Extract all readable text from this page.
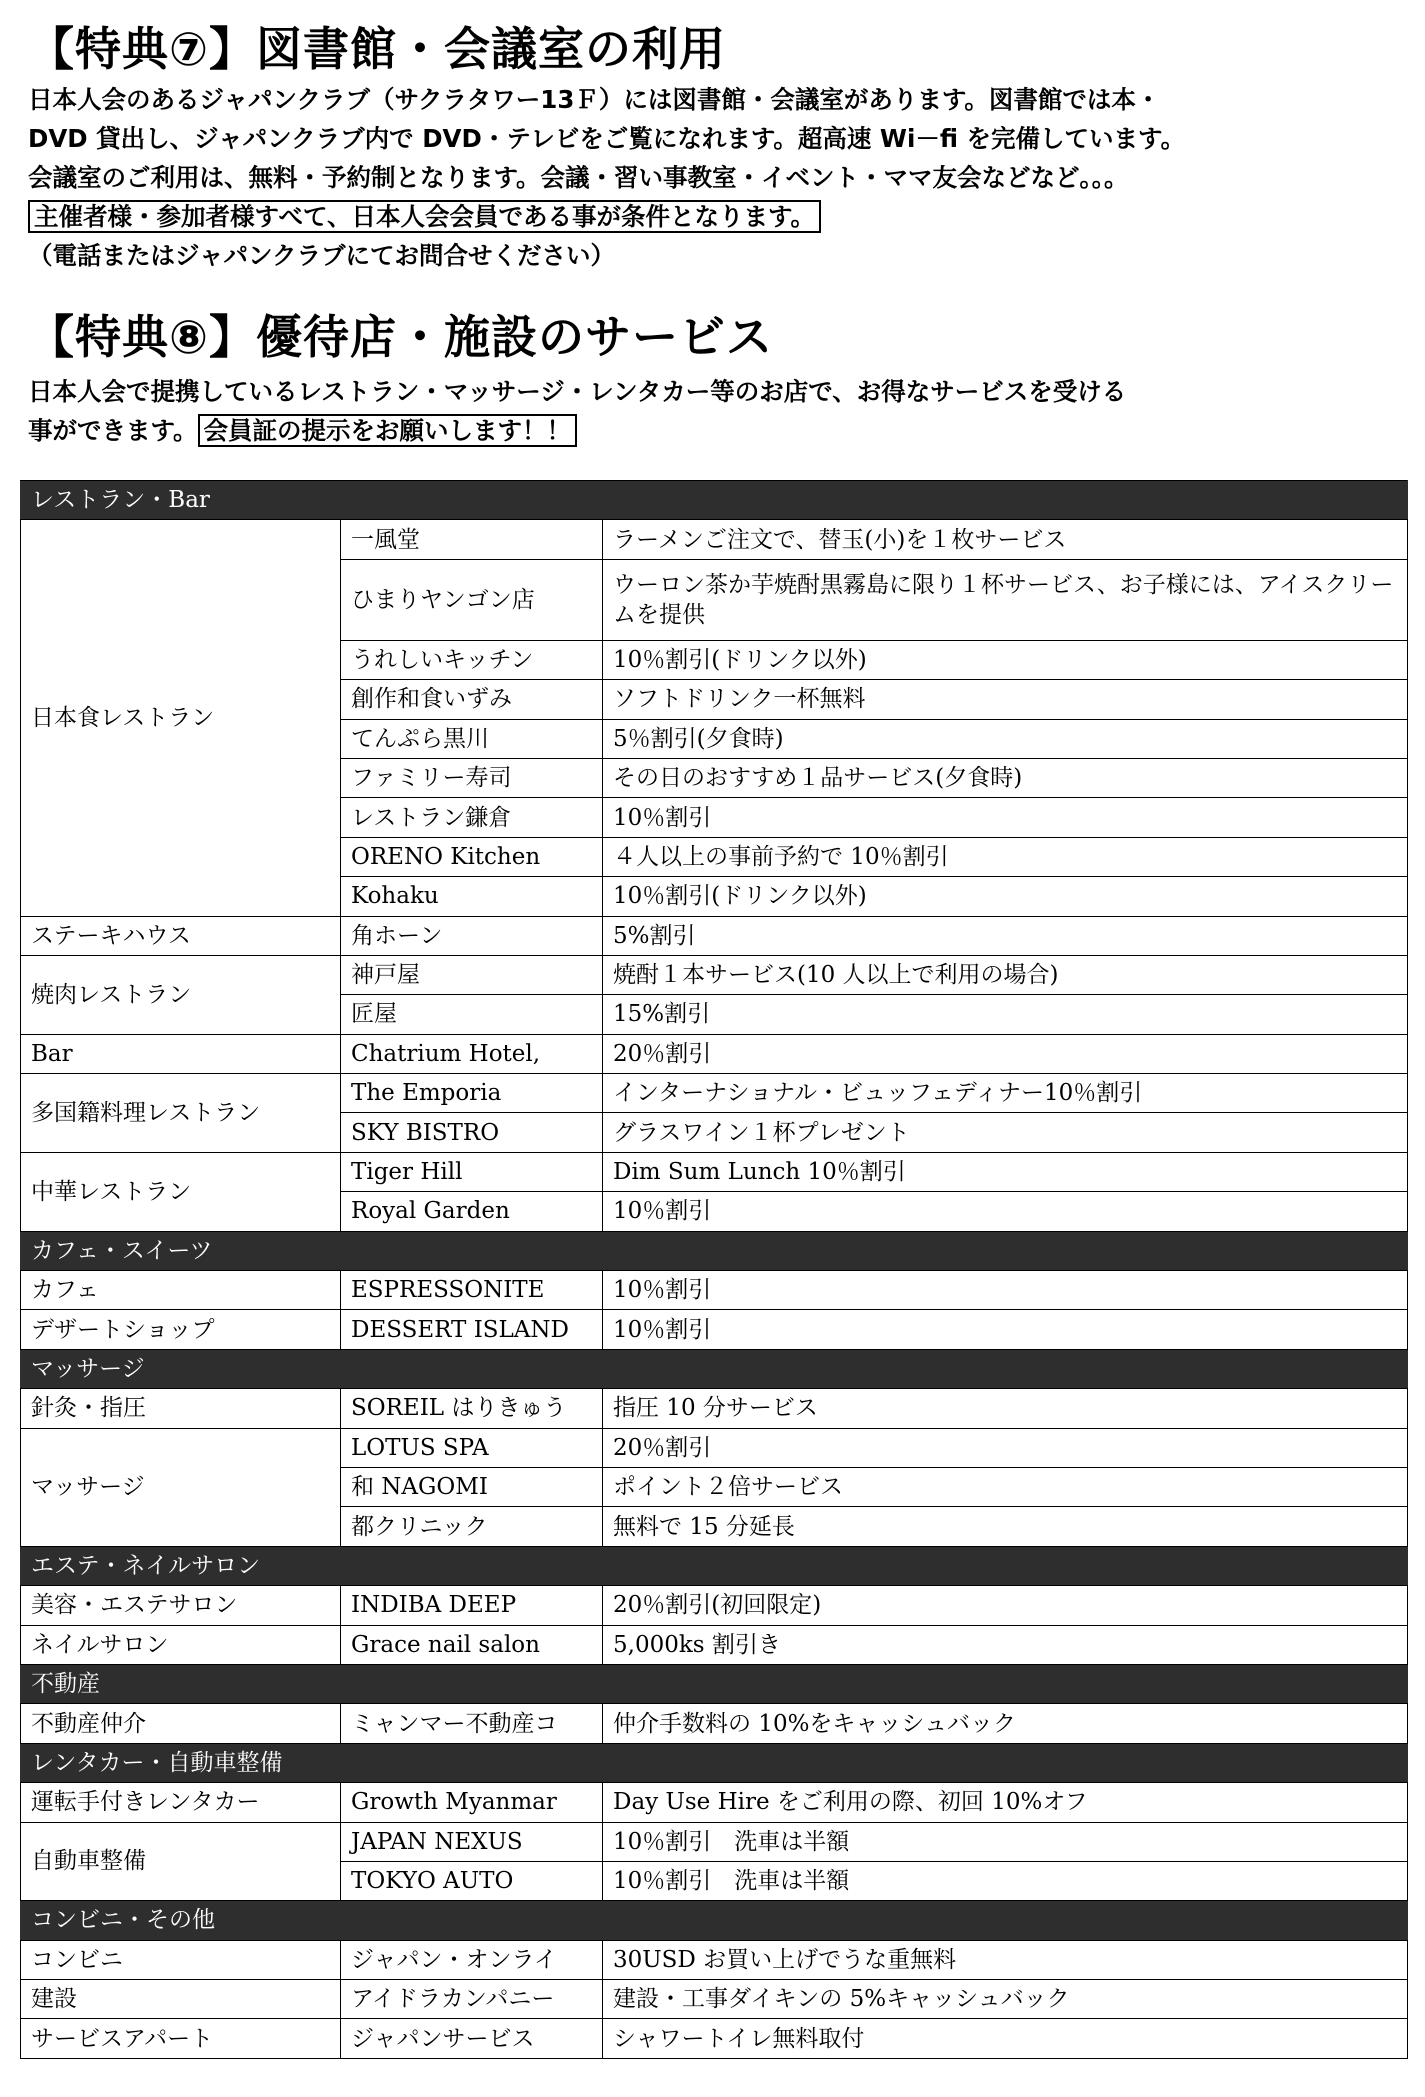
【特典⑦】図書館・会議室の利用
日本人会のあるジャパンクラブ（サクラタワー13Ｆ）には図書館・会議室があります。図書館では本・
DVD 貸出し、ジャパンクラブ内で DVD・テレビをご覧になれます。超高速 Wi－fi を完備しています。
会議室のご利用は、無料・予約制となります。会議・習い事教室・イベント・ママ友会などなど。。。
主催者様・参加者様すべて、日本人会会員である事が条件となります。
（電話またはジャパンクラブにてお問合せください）
【特典⑧】優待店・施設のサービス
日本人会で提携しているレストラン・マッサージ・レンタカー等のお店で、お得なサービスを受ける
事ができます。 会員証の提示をお願いします！！
レストラン・Bar		
日本食レストラン	一風堂	ラーメンご注文で、替玉(小)を１枚サービス
	ひまりヤンゴン店	ウーロン茶か芋焼酎黒霧島に限り１杯サービス、お子様には、アイスクリームを提供
	うれしいキッチン	10％割引(ドリンク以外)
	創作和食いずみ	ソフトドリンク一杯無料
	てんぷら黒川	5％割引(夕食時)
	ファミリー寿司	その日のおすすめ１品サービス(夕食時)
	レストラン鎌倉	10％割引
	ORENO Kitchen	４人以上の事前予約で 10％割引
	Kohaku	10％割引(ドリンク以外)
ステーキハウス	角ホーン	5%割引
焼肉レストラン	神戸屋	焼酎１本サービス(10 人以上で利用の場合)
	匠屋	15%割引
Bar	Chatrium Hotel,	20％割引
多国籍料理レストラン	The Emporia	インターナショナル・ビュッフェディナー10％割引
	SKY BISTRO	グラスワイン１杯プレゼント
中華レストラン	Tiger Hill	Dim Sum Lunch 10％割引
	Royal Garden	10％割引
カフェ・スイーツ		
カフェ	ESPRESSONITE	10％割引
デザートショップ	DESSERT ISLAND	10％割引
マッサージ		
針灸・指圧	SOREIL はりきゅう	指圧 10 分サービス
マッサージ	LOTUS SPA	20％割引
	和 NAGOMI	ポイント２倍サービス
	都クリニック	無料で 15 分延長
エステ・ネイルサロン		
美容・エステサロン	INDIBA DEEP	20％割引(初回限定)
ネイルサロン	Grace nail salon	5,000ks 割引き
不動産		
不動産仲介	ミャンマー不動産コ	仲介手数料の 10%をキャッシュバック
レンタカー・自動車整備		
運転手付きレンタカー	Growth Myanmar	Day Use Hire をご利用の際、初回 10%オフ
自動車整備	JAPAN NEXUS	10％割引　洗車は半額
	TOKYO AUTO	10％割引　洗車は半額
コンビニ・その他		
コンビニ	ジャパン・オンライ	30USD お買い上げでうな重無料
建設	アイドラカンパニー	建設・工事ダイキンの 5%キャッシュバック
サービスアパート	ジャパンサービス	シャワートイレ無料取付
